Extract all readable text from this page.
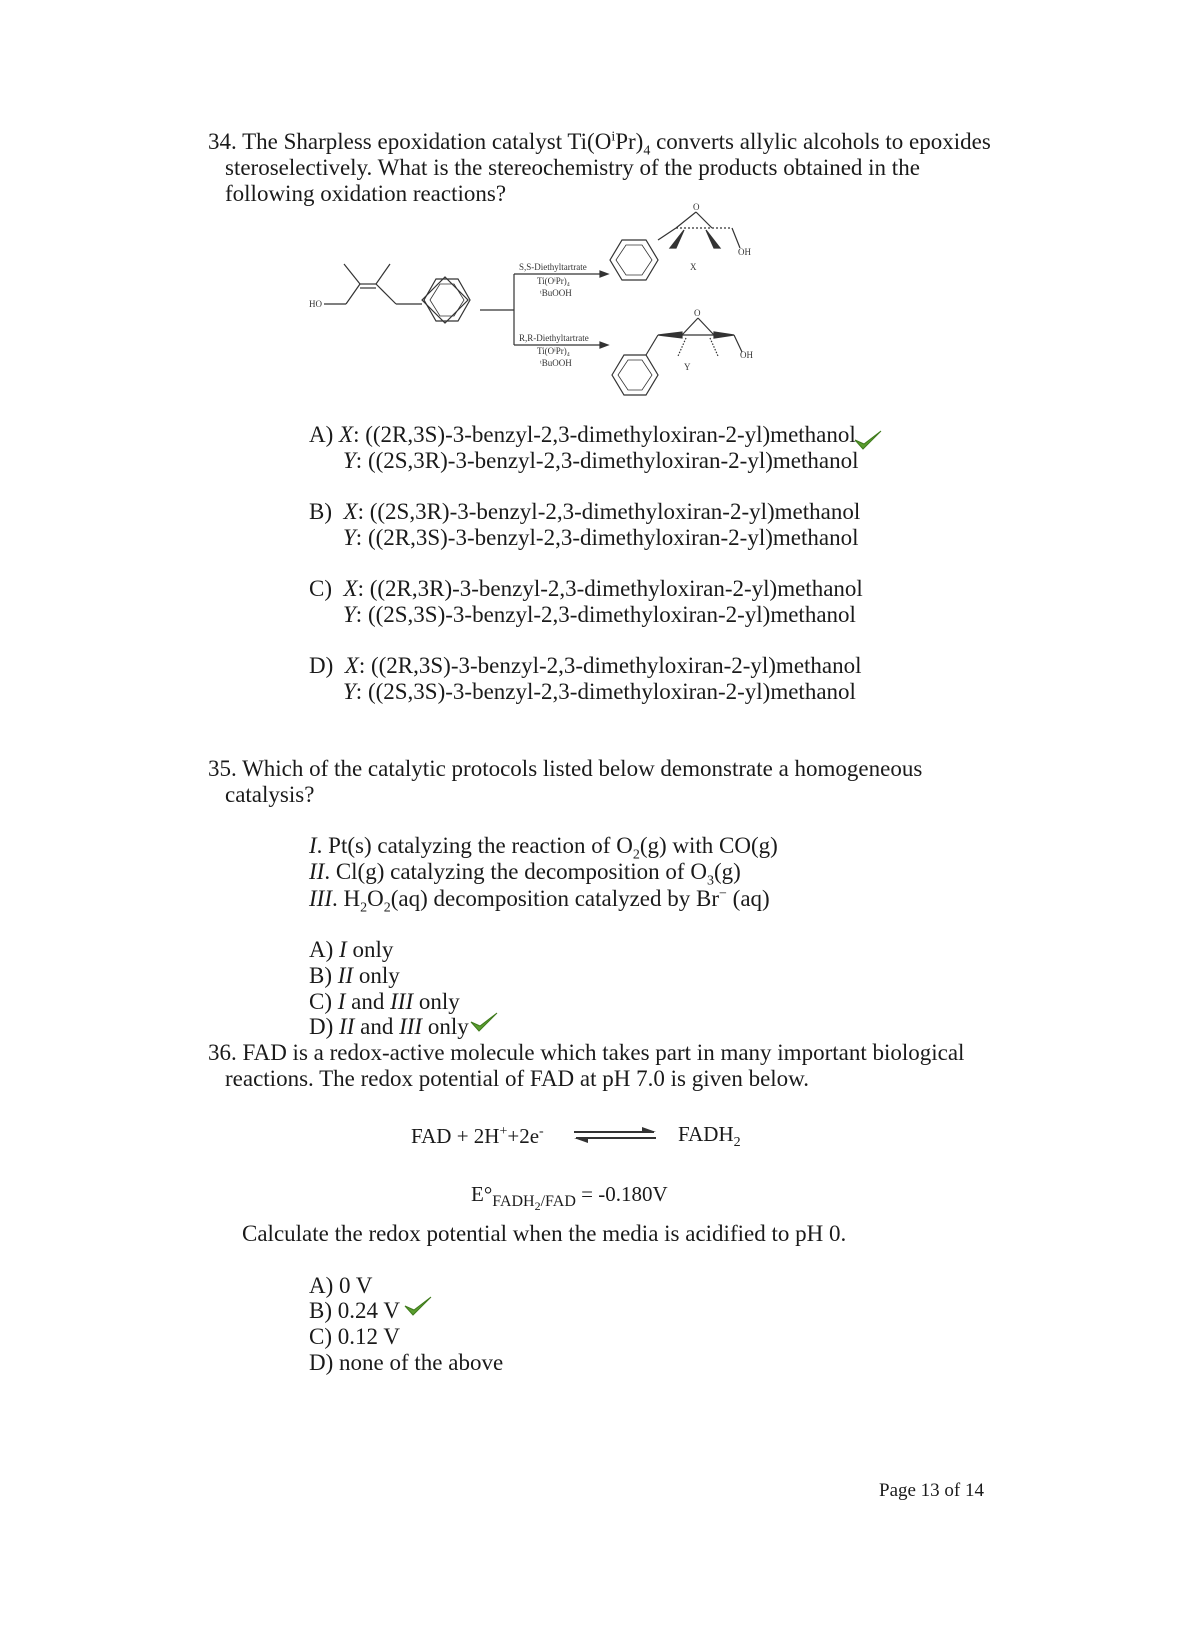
34. The Sharpless epoxidation catalyst $Ti(O^iPr)_4$ converts allylic alcohols to epoxides
steroselectively. What is the stereochemistry of the products obtained in the
following oxidation reactions?
HO
S,S-Diethyltartrate
Ti(OⁱPr)₄
ᵗBuOOH
R,R-Diethyltartrate
Ti(OⁱPr)₄
ᵗBuOOH
O
X
OH
O
Y
OH
A) X: ((2R,3S)-3-benzyl-2,3-dimethyloxiran-2-yl)methanol
Y: ((2S,3R)-3-benzyl-2,3-dimethyloxiran-2-yl)methanol
B) X: ((2S,3R)-3-benzyl-2,3-dimethyloxiran-2-yl)methanol
Y: ((2R,3S)-3-benzyl-2,3-dimethyloxiran-2-yl)methanol
C) X: ((2R,3R)-3-benzyl-2,3-dimethyloxiran-2-yl)methanol
Y: ((2S,3S)-3-benzyl-2,3-dimethyloxiran-2-yl)methanol
D) X: ((2R,3S)-3-benzyl-2,3-dimethyloxiran-2-yl)methanol
Y: ((2S,3S)-3-benzyl-2,3-dimethyloxiran-2-yl)methanol
35. Which of the catalytic protocols listed below demonstrate a homogeneous
catalysis?
I. Pt(s) catalyzing the reaction of $O_2(g)$ with CO(g)
II. Cl(g) catalyzing the decomposition of $O_3(g)$
III. $H_2O_2(aq)$ decomposition catalyzed by Br− (aq)
A) I only
B) II only
C) I and III only
D) II and III only
36. FAD is a redox-active molecule which takes part in many important biological
reactions. The redox potential of FAD at pH 7.0 is given below.
FAD + 2H++2e- ⇌ $FADH_2$
$E^\circ_{FADH_2/FAD} = -0.180V$
Calculate the redox potential when the media is acidified to pH 0.
A) 0 V
B) 0.24 V
C) 0.12 V
D) none of the above
Page 13 of 14
